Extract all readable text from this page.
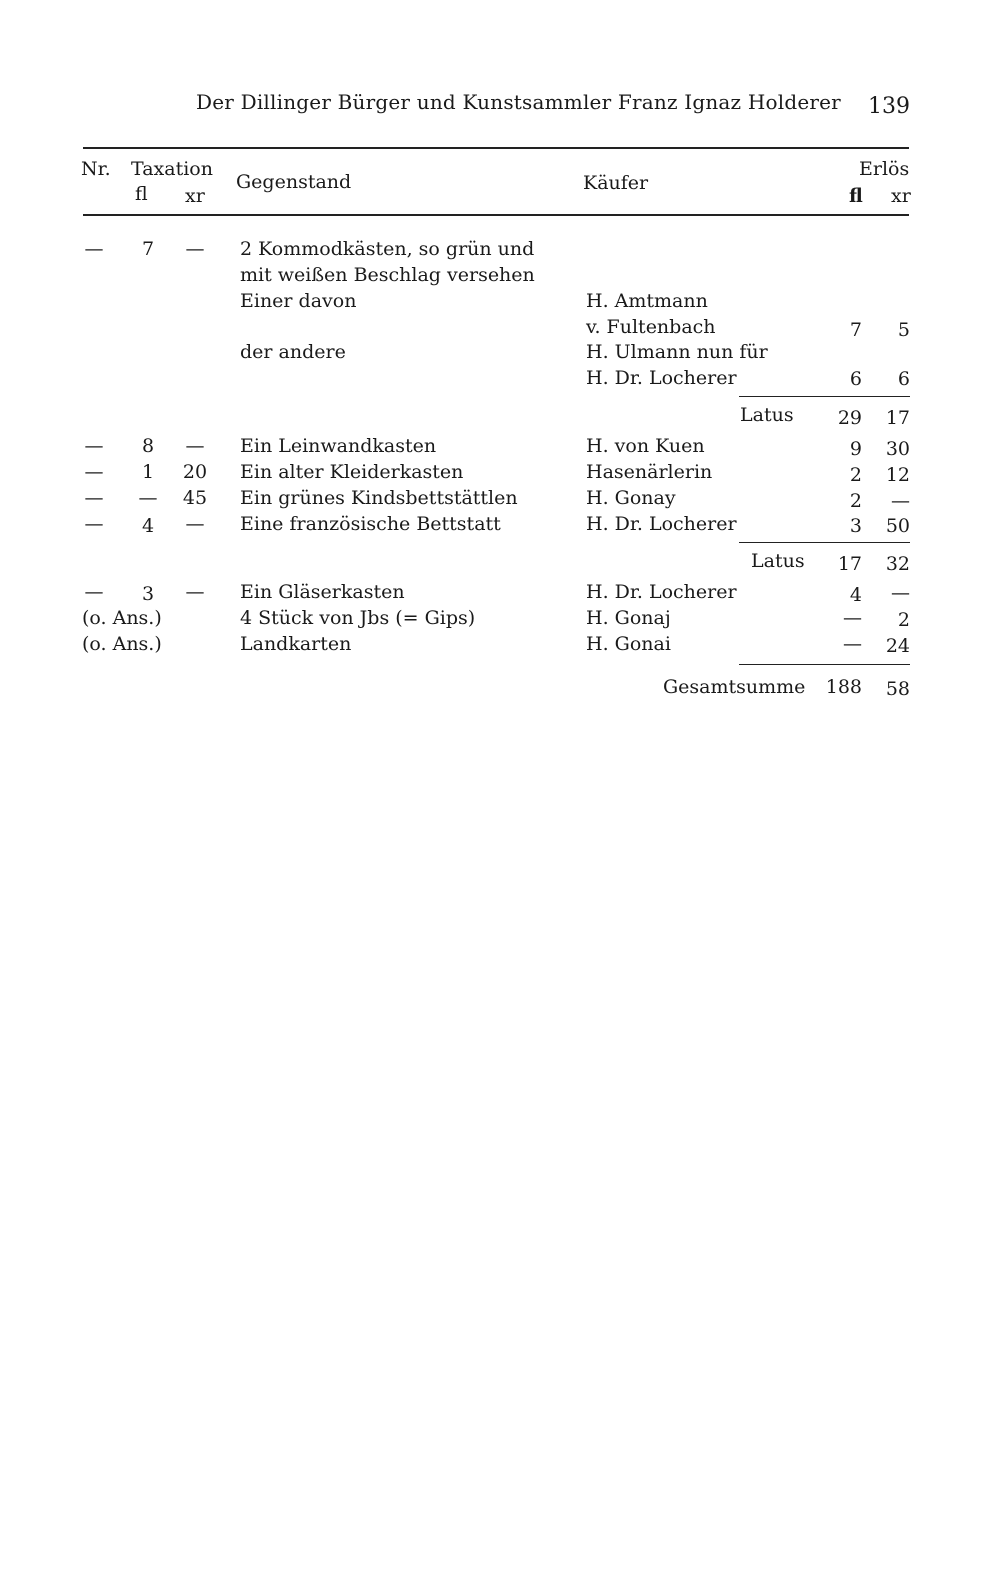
Der Dillinger Bürger und Kunstsammler Franz Ignaz Holderer 139
Nr. Taxation
fl xr
Gegenstand	Käufer
Erlös
fl xr
—	7	— 2 Kommodkästen, so grün und
mit weißen Beschlag versehen
Einer davon	H. Amtmann
v. Fultenbach	7	5
der andere	H. Ulmann nun für
H. Dr. Locherer	6	6
Latus	29	17
—	8	— Ein Leinwandkasten	H. von Kuen	9	30
—	1	20 Ein alter Kleiderkasten	Hasenärlerin	2	12
— — 45 Ein grünes Kindsbettstättlen	H. Gonay	2	—
—	4	— Eine französische Bettstatt	H. Dr. Locherer	3	50
Latus	17	32
—	3	— Ein Gläserkasten	H. Dr. Locherer	4	—
(o. Ans.)	4 Stück von Jbs (= Gips)	H. Gonaj	—	2
(o. Ans.)	Landkarten	H. Gonai	—	24
Gesamtsumme	188	58
